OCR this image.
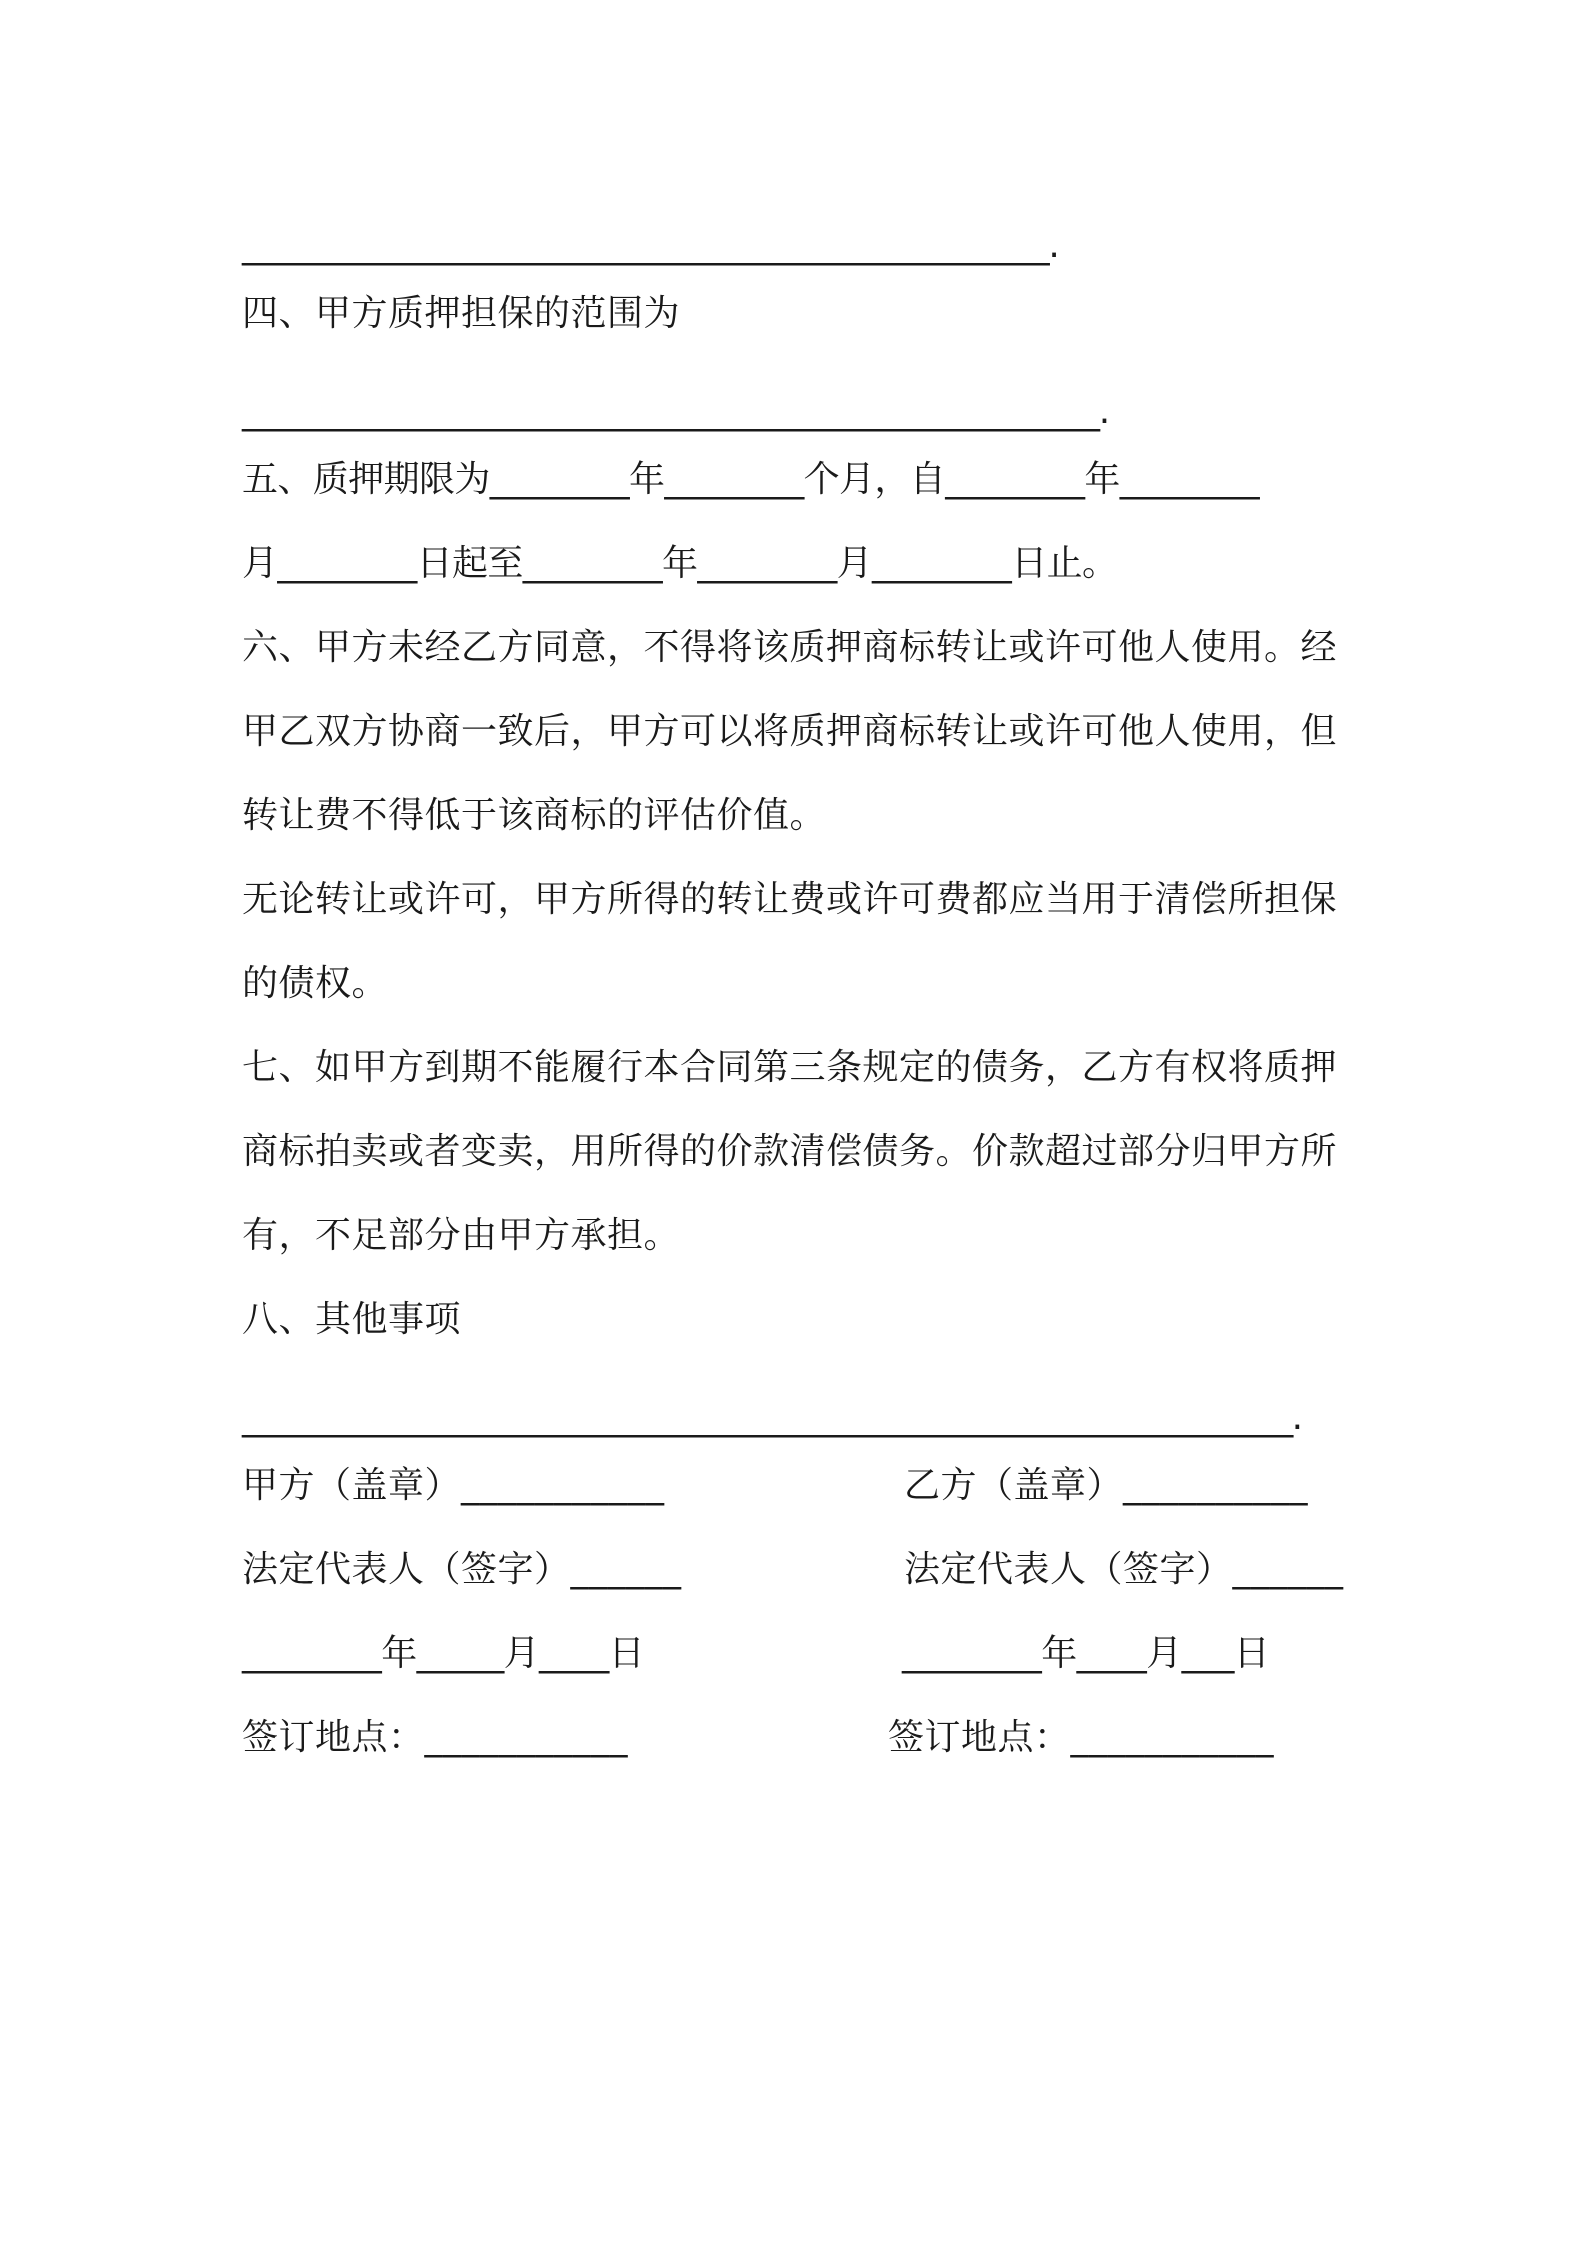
________________________________________________.
四、甲方质押担保的范围为
___________________________________________________.
五、质押期限为________年________个月，自________年________
月________日起至________年________月________日止。
六、甲方未经乙方同意，不得将该质押商标转让或许可他人使用。经
甲乙双方协商一致后，甲方可以将质押商标转让或许可他人使用，但
转让费不得低于该商标的评估价值。
无论转让或许可，甲方所得的转让费或许可费都应当用于清偿所担保
的债权。
七、如甲方到期不能履行本合同第三条规定的债务，乙方有权将质押
商标拍卖或者变卖，用所得的价款清偿债务。价款超过部分归甲方所
有，不足部分由甲方承担。
八、其他事项
________________________________________________________________.
甲方（盖章）___________	乙方（盖章）__________
法定代表人（签字）______	法定代表人（签字）______
________年_____月____日	________年____月___日
签订地点：___________	签订地点：___________
